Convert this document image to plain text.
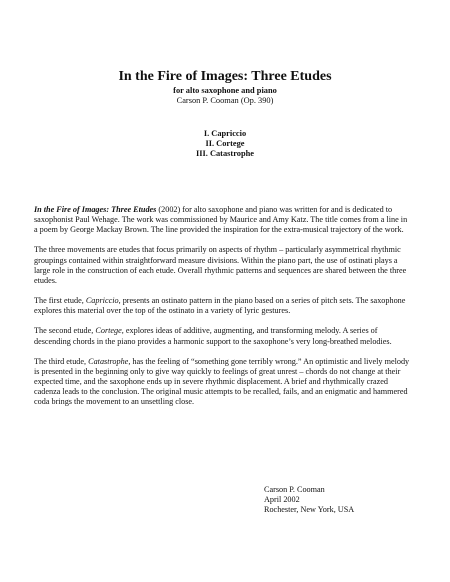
In the Fire of Images: Three Etudes
for alto saxophone and piano
Carson P. Cooman (Op. 390)
I. Capriccio
II. Cortege
III. Catastrophe

In the Fire of Images: Three Etudes (2002) for alto saxophone and piano was written for and is dedicated to saxophonist Paul Wehage. The work was commissioned by Maurice and Amy Katz. The title comes from a line in a poem by George Mackay Brown. The line provided the inspiration for the extra-musical trajectory of the work.

The three movements are etudes that focus primarily on aspects of rhythm – particularly asymmetrical rhythmic groupings contained within straightforward measure divisions. Within the piano part, the use of ostinati plays a large role in the construction of each etude. Overall rhythmic patterns and sequences are shared between the three etudes.

The first etude, Capriccio, presents an ostinato pattern in the piano based on a series of pitch sets. The saxophone explores this material over the top of the ostinato in a variety of lyric gestures.

The second etude, Cortege, explores ideas of additive, augmenting, and transforming melody. A series of descending chords in the piano provides a harmonic support to the saxophone’s very long-breathed melodies.

The third etude, Catastrophe, has the feeling of “something gone terribly wrong.” An optimistic and lively melody is presented in the beginning only to give way quickly to feelings of great unrest – chords do not change at their expected time, and the saxophone ends up in severe rhythmic displacement. A brief and rhythmically crazed cadenza leads to the conclusion. The original music attempts to be recalled, fails, and an enigmatic and hammered coda brings the movement to an unsettling close.

Carson P. Cooman
April 2002
Rochester, New York, USA
